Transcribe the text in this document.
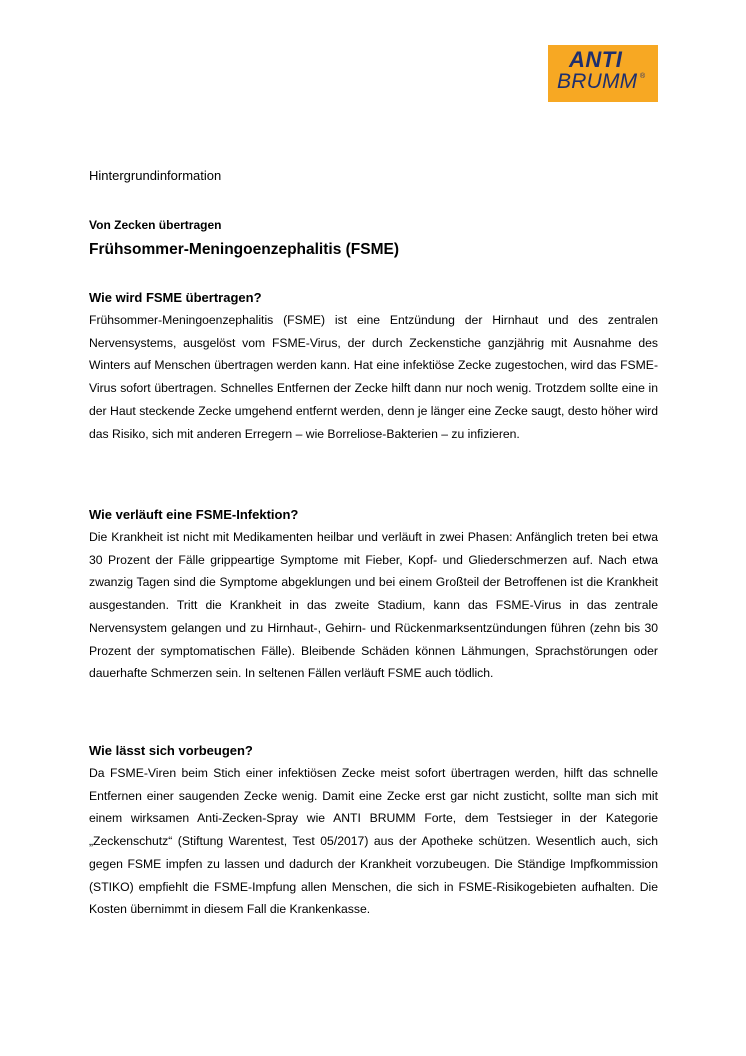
ANTI
BRUMM ®
Hintergrundinformation
Von Zecken übertragen
Frühsommer-Meningoenzephalitis (FSME)
Wie wird FSME übertragen?

Frühsommer-Meningoenzephalitis (FSME) ist eine Entzündung der Hirnhaut und des zentralen Nervensystems, ausgelöst vom FSME-Virus, der durch Zeckenstiche ganzjährig mit Ausnahme des Winters auf Menschen übertragen werden kann. Hat eine infektiöse Zecke zugestochen, wird das FSME-Virus sofort übertragen. Schnelles Entfernen der Zecke hilft dann nur noch wenig. Trotzdem sollte eine in der Haut steckende Zecke umgehend entfernt werden, denn je länger eine Zecke saugt, desto höher wird das Risiko, sich mit anderen Erregern – wie Borreliose-Bakterien – zu infizieren.

Wie verläuft eine FSME-Infektion?

Die Krankheit ist nicht mit Medikamenten heilbar und verläuft in zwei Phasen: Anfänglich treten bei etwa 30 Prozent der Fälle grippeartige Symptome mit Fieber, Kopf- und Gliederschmerzen auf. Nach etwa zwanzig Tagen sind die Symptome abgeklungen und bei einem Großteil der Betroffenen ist die Krankheit ausgestanden. Tritt die Krankheit in das zweite Stadium, kann das FSME-Virus in das zentrale Nervensystem gelangen und zu Hirnhaut-, Gehirn- und Rückenmarksentzündungen führen (zehn bis 30 Prozent der symptomatischen Fälle). Bleibende Schäden können Lähmungen, Sprachstörungen oder dauerhafte Schmerzen sein. In seltenen Fällen verläuft FSME auch tödlich.

Wie lässt sich vorbeugen?

Da FSME-Viren beim Stich einer infektiösen Zecke meist sofort übertragen werden, hilft das schnelle Entfernen einer saugenden Zecke wenig. Damit eine Zecke erst gar nicht zusticht, sollte man sich mit einem wirksamen Anti-Zecken-Spray wie ANTI BRUMM Forte, dem Testsieger in der Kategorie „Zeckenschutz“ (Stiftung Warentest, Test 05/2017) aus der Apotheke schützen. Wesentlich auch, sich gegen FSME impfen zu lassen und dadurch der Krankheit vorzubeugen. Die Ständige Impfkommission (STIKO) empfiehlt die FSME-Impfung allen Menschen, die sich in FSME-Risikogebieten aufhalten. Die Kosten übernimmt in diesem Fall die Krankenkasse.
